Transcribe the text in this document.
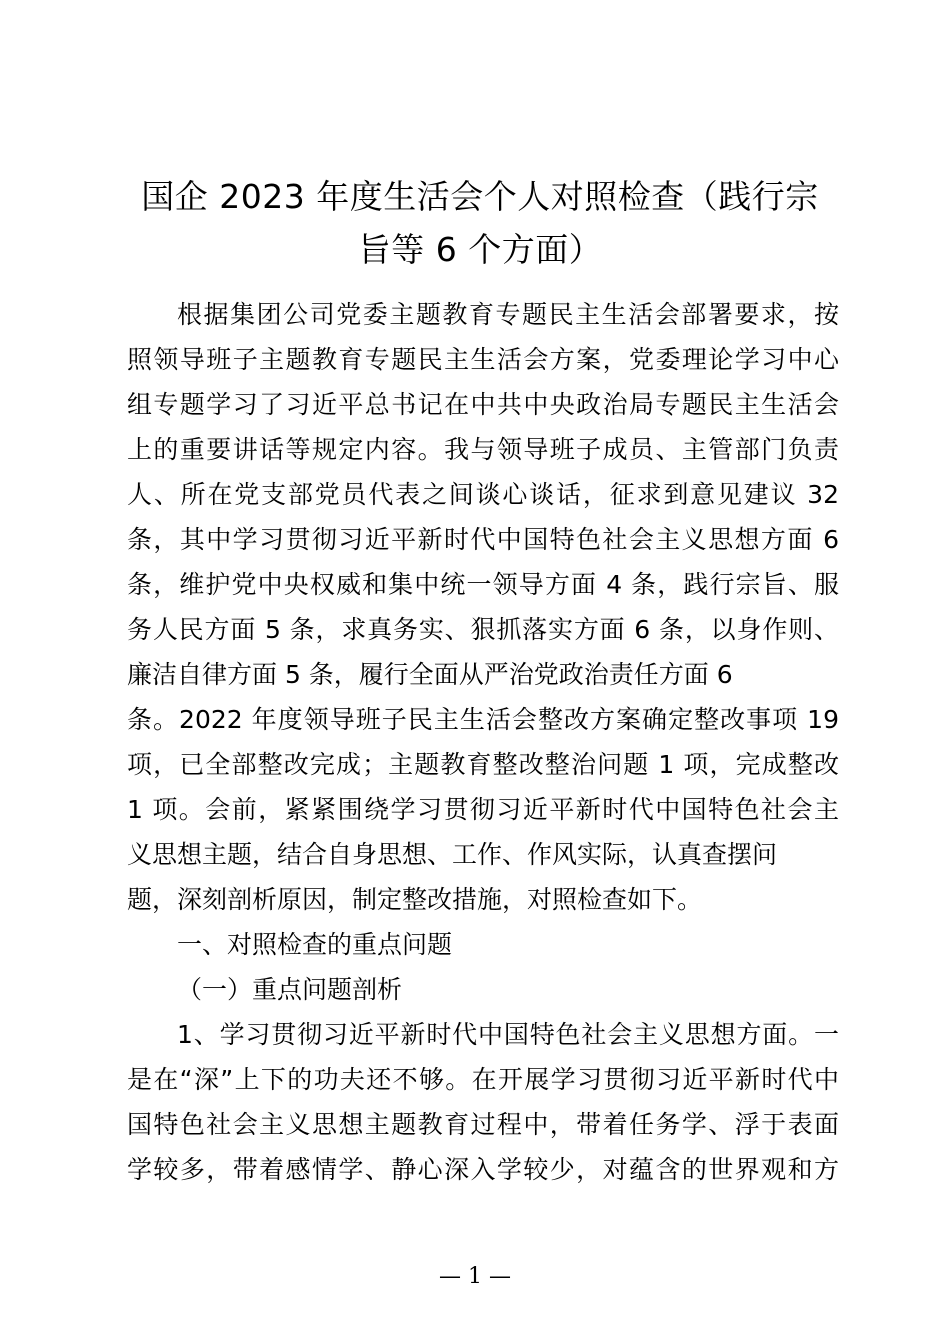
国企 2023 年度生活会个人对照检查（践行宗
旨等 6 个方面）
根据集团公司党委主题教育专题民主生活会部署要求，按
照领导班子主题教育专题民主生活会方案，党委理论学习中心
组专题学习了习近平总书记在中共中央政治局专题民主生活会
上的重要讲话等规定内容。我与领导班子成员、主管部门负责
人、所在党支部党员代表之间谈心谈话，征求到意见建议 32
条，其中学习贯彻习近平新时代中国特色社会主义思想方面 6
条，维护党中央权威和集中统一领导方面 4 条，践行宗旨、服
务人民方面 5 条，求真务实、狠抓落实方面 6 条，以身作则、
廉洁自律方面 5 条，履行全面从严治党政治责任方面 6
条。2022 年度领导班子民主生活会整改方案确定整改事项 19
项，已全部整改完成；主题教育整改整治问题 1 项，完成整改
1 项。会前，紧紧围绕学习贯彻习近平新时代中国特色社会主
义思想主题，结合自身思想、工作、作风实际，认真查摆问
题，深刻剖析原因，制定整改措施，对照检查如下。
一、对照检查的重点问题
（一）重点问题剖析
1、学习贯彻习近平新时代中国特色社会主义思想方面。一
是在“深”上下的功夫还不够。在开展学习贯彻习近平新时代中
国特色社会主义思想主题教育过程中，带着任务学、浮于表面
学较多，带着感情学、静心深入学较少，对蕴含的世界观和方
— 1 —
